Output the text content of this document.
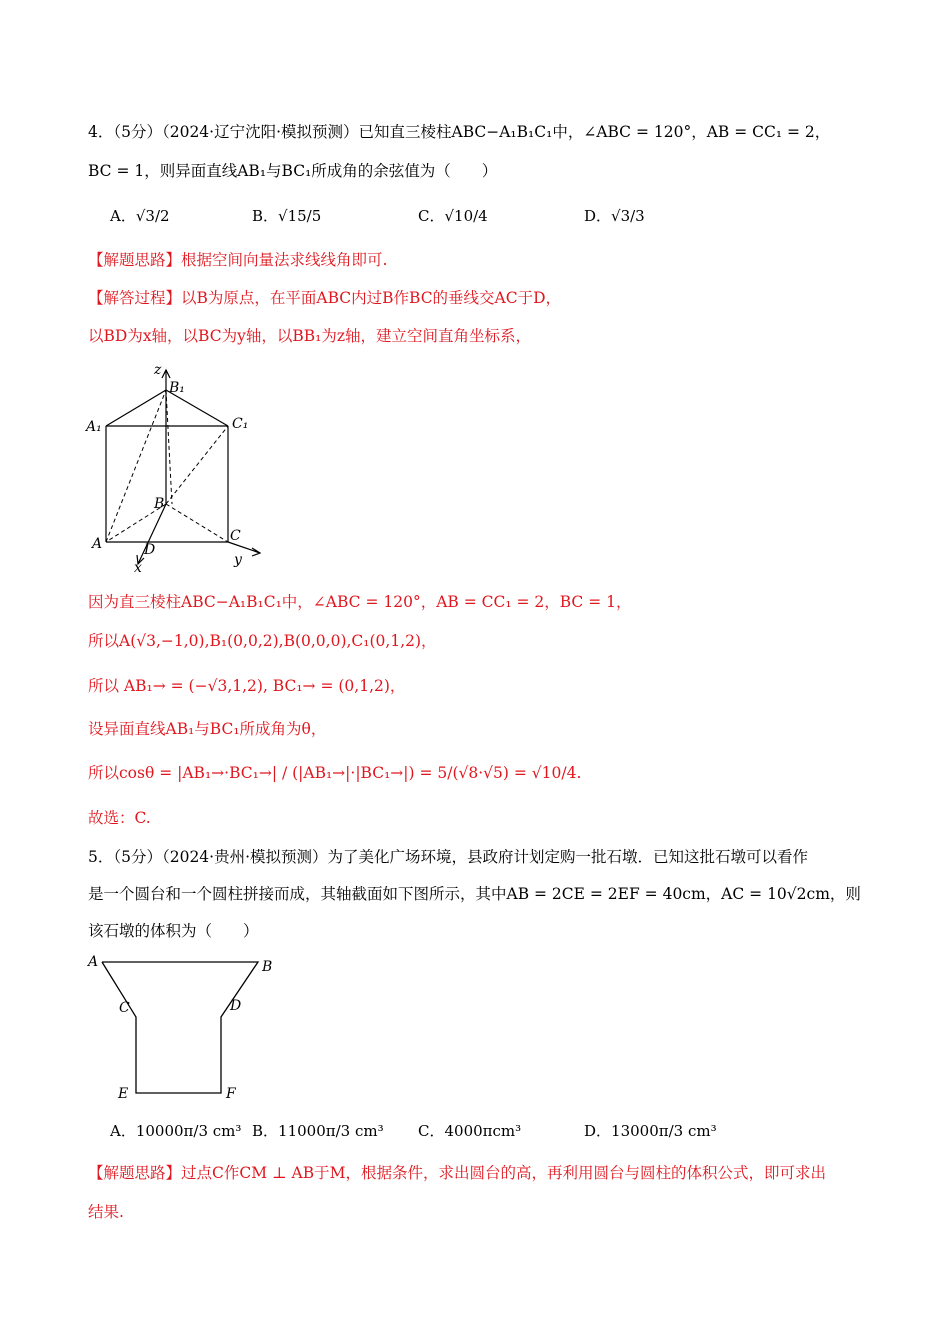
4．（5分）（2024·辽宁沈阳·模拟预测）已知直三棱柱ABC−A₁B₁C₁中，∠ABC = 120°，AB = CC₁ = 2，
BC = 1，则异面直线AB₁与BC₁所成角的余弦值为（　　）
A．√3/2	B．√15/5	C．√10/4	D．√3/3
【解题思路】根据空间向量法求线线角即可.
【解答过程】以B为原点，在平面ABC内过B作BC的垂线交AC于D，
以BD为x轴，以BC为y轴，以BB₁为z轴，建立空间直角坐标系，
z
B₁
A₁	C₁
B
A	D
C
x	y
因为直三棱柱ABC−A₁B₁C₁中，∠ABC = 120°，AB = CC₁ = 2，BC = 1，
所以A(√3,−1,0),B₁(0,0,2),B(0,0,0),C₁(0,1,2)，
所以 AB₁→ = (−√3,1,2), BC₁→ = (0,1,2)，
设异面直线AB₁与BC₁所成角为θ，
所以cosθ = |AB₁→·BC₁→| / (|AB₁→|·|BC₁→|) = 5/(√8·√5) = √10/4.
故选：C.
5．（5分）（2024·贵州·模拟预测）为了美化广场环境，县政府计划定购一批石墩．已知这批石墩可以看作
是一个圆台和一个圆柱拼接而成，其轴截面如下图所示，其中AB = 2CE = 2EF = 40cm，AC = 10√2cm，则
该石墩的体积为（　　）
A	B
C	D
E	F
A．10000π/3 cm³ B．11000π/3 cm³ C．4000πcm³	D．13000π/3 cm³
【解题思路】过点C作CM ⊥ AB于M，根据条件，求出圆台的高，再利用圆台与圆柱的体积公式，即可求出
结果.
